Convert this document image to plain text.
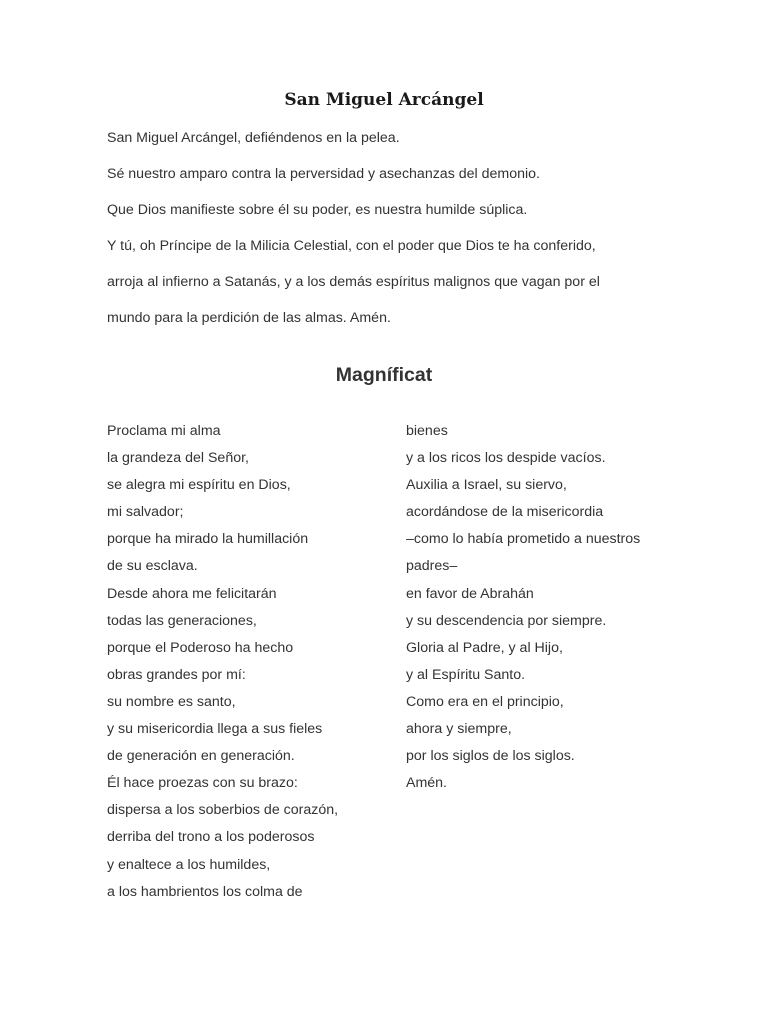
San Miguel Arcángel
San Miguel Arcángel, defiéndenos en la pelea.
Sé nuestro amparo contra la perversidad y asechanzas del demonio.
Que Dios manifieste sobre él su poder, es nuestra humilde súplica.
Y tú, oh Príncipe de la Milicia Celestial, con el poder que Dios te ha conferido,
arroja al infierno a Satanás, y a los demás espíritus malignos que vagan por el
mundo para la perdición de las almas. Amén.
Magníficat
Proclama mi alma
la grandeza del Señor,
se alegra mi espíritu en Dios,
mi salvador;
porque ha mirado la humillación
de su esclava.
Desde ahora me felicitarán
todas las generaciones,
porque el Poderoso ha hecho
obras grandes por mí:
su nombre es santo,
y su misericordia llega a sus fieles
de generación en generación.
Él hace proezas con su brazo:
dispersa a los soberbios de corazón,
derriba del trono a los poderosos
y enaltece a los humildes,
a los hambrientos los colma de
bienes
y a los ricos los despide vacíos.
Auxilia a Israel, su siervo,
acordándose de la misericordia
–como lo había prometido a nuestros
padres–
en favor de Abrahán
y su descendencia por siempre.
Gloria al Padre, y al Hijo,
y al Espíritu Santo.
Como era en el principio,
ahora y siempre,
por los siglos de los siglos.
Amén.
